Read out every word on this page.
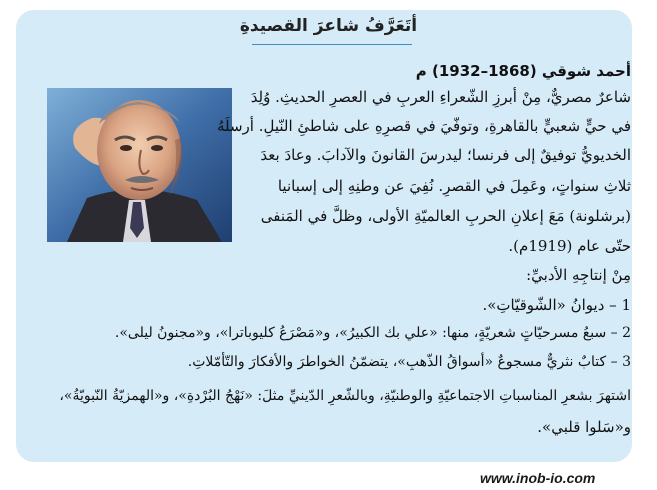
أتَعَرَّفُ شاعرَ القصيدةِ
أحمد شوقي (1868–1932) م
شاعرٌ مصريٌّ، مِنْ أبرزِ الشّعراءِ العربِ في العصرِ الحديثِ. وُلِدَ
في حيٍّ شعبيٍّ بالقاهرةِ، وتوفّيَ في قصرِهِ على شاطئِ النّيلِ. أرسلَهُ
الخديويُّ توفيقٌ إلى فرنسا؛ ليدرسَ القانونَ والآدابَ. وعادَ بعدَ
ثلاثِ سنواتٍ، وعَمِلَ في القصرِ. نُفِيَ عن وطنِهِ إلى إسبانيا
(برشلونة) مَعَ إعلانِ الحربِ العالميّةِ الأولى، وظلَّ في المَنفى
حتّى عام (1919م).
مِنْ إنتاجِهِ الأدبيِّ:
1 – ديوانُ «الشّوقيّاتِ».
2 – سبعُ مسرحيّاتٍ شعريّةٍ، منها: «علي بك الكبيرُ»، و«مَصْرَعُ كليوباترا»، و«مجنونُ ليلى».
3 – كتابٌ نثريٌّ مسجوعٌ «أسواقُ الذّهبِ»، يتضمّنُ الخواطرَ والأفكارَ والتّأمّلاتِ.
اشتهرَ بشعرِ المناسباتِ الاجتماعيّةِ والوطنيّةِ، وبالشّعرِ الدّينيِّ مثلَ: «نَهْجُ البُرْدةِ»، و«الهمزيّةُ النّبويّةُ»،
و«سَلوا قلبي».
www.inob-io.com
